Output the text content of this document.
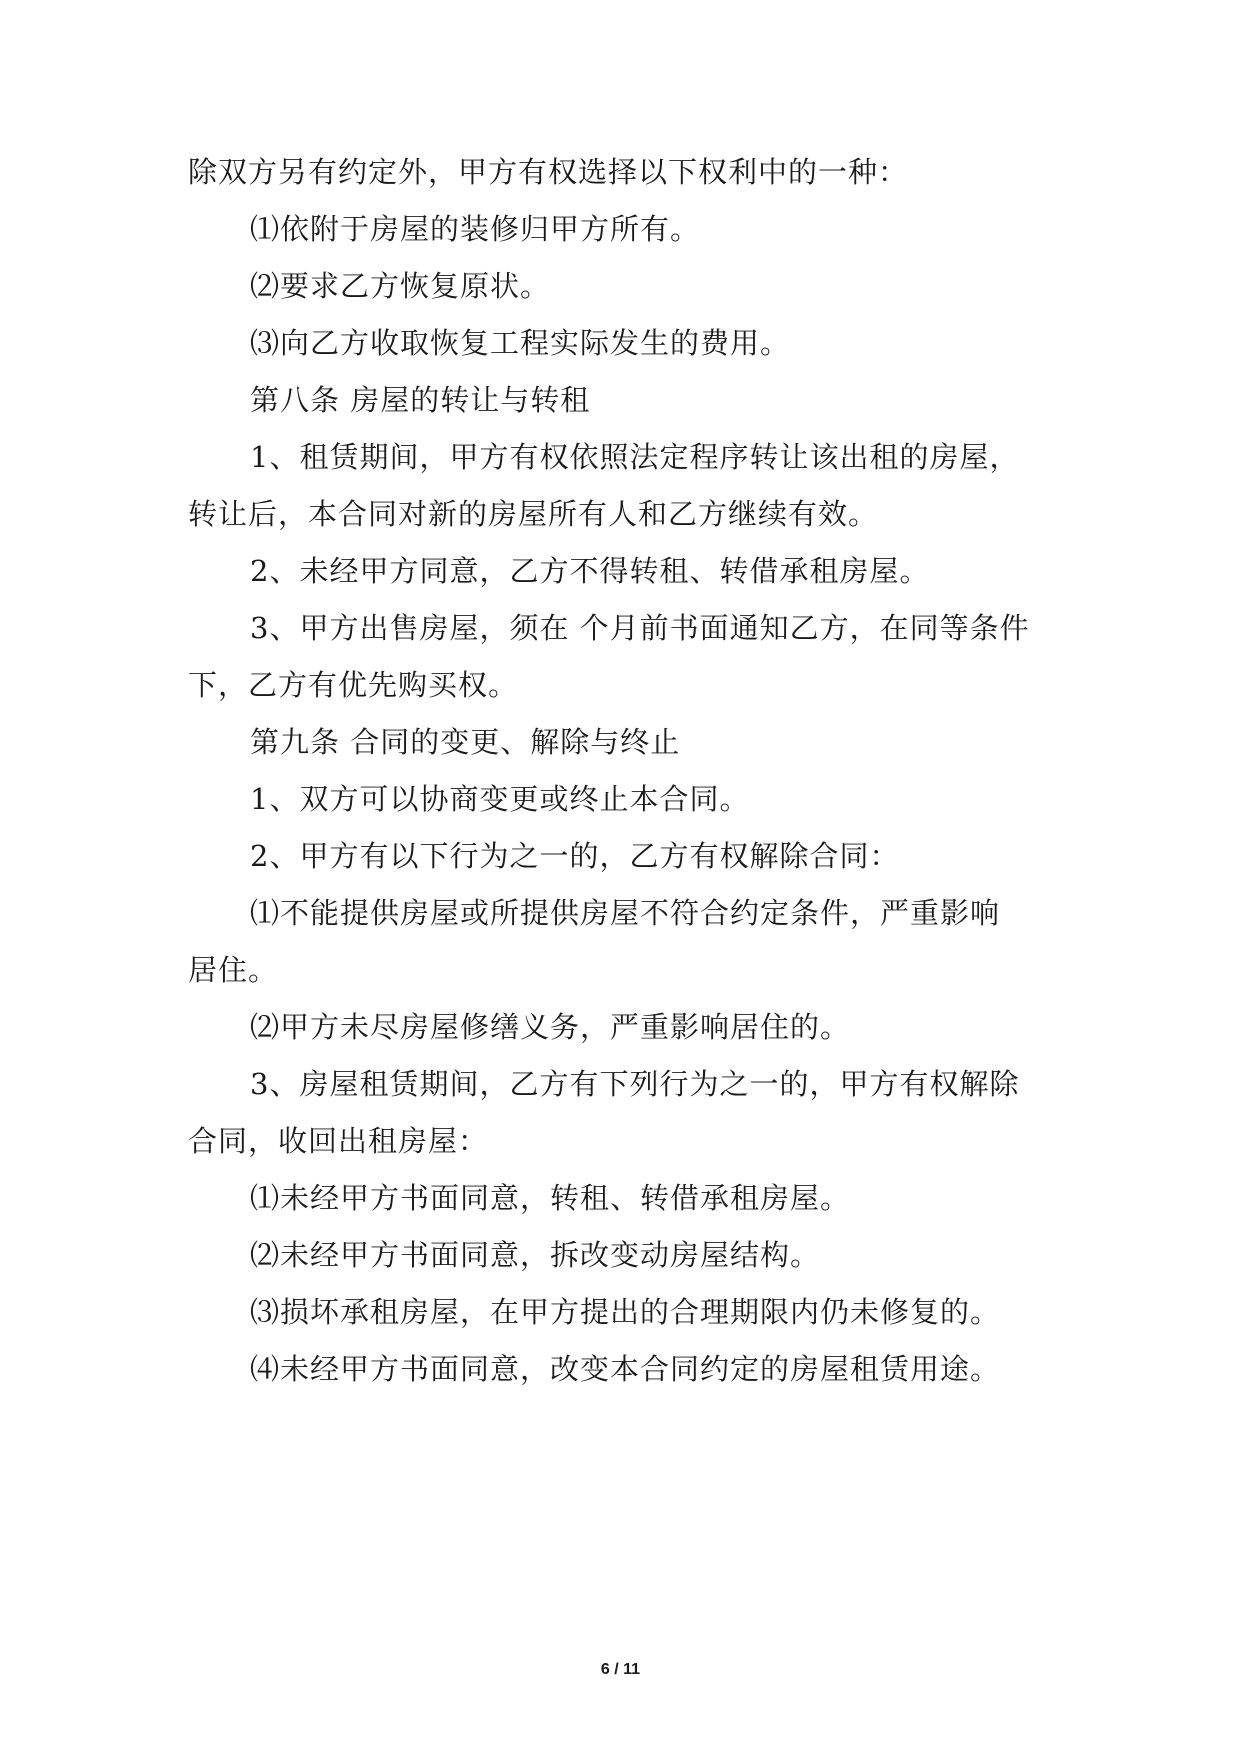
除双方另有约定外，甲方有权选择以下权利中的一种：
⑴依附于房屋的装修归甲方所有。
⑵要求乙方恢复原状。
⑶向乙方收取恢复工程实际发生的费用。
第八条 房屋的转让与转租
1、租赁期间，甲方有权依照法定程序转让该出租的房屋，
转让后，本合同对新的房屋所有人和乙方继续有效。
2、未经甲方同意，乙方不得转租、转借承租房屋。
3、甲方出售房屋，须在 个月前书面通知乙方，在同等条件
下，乙方有优先购买权。
第九条 合同的变更、解除与终止
1、双方可以协商变更或终止本合同。
2、甲方有以下行为之一的，乙方有权解除合同：
⑴不能提供房屋或所提供房屋不符合约定条件，严重影响
居住。
⑵甲方未尽房屋修缮义务，严重影响居住的。
3、房屋租赁期间，乙方有下列行为之一的，甲方有权解除
合同，收回出租房屋：
⑴未经甲方书面同意，转租、转借承租房屋。
⑵未经甲方书面同意，拆改变动房屋结构。
⑶损坏承租房屋，在甲方提出的合理期限内仍未修复的。
⑷未经甲方书面同意，改变本合同约定的房屋租赁用途。
6 / 11
